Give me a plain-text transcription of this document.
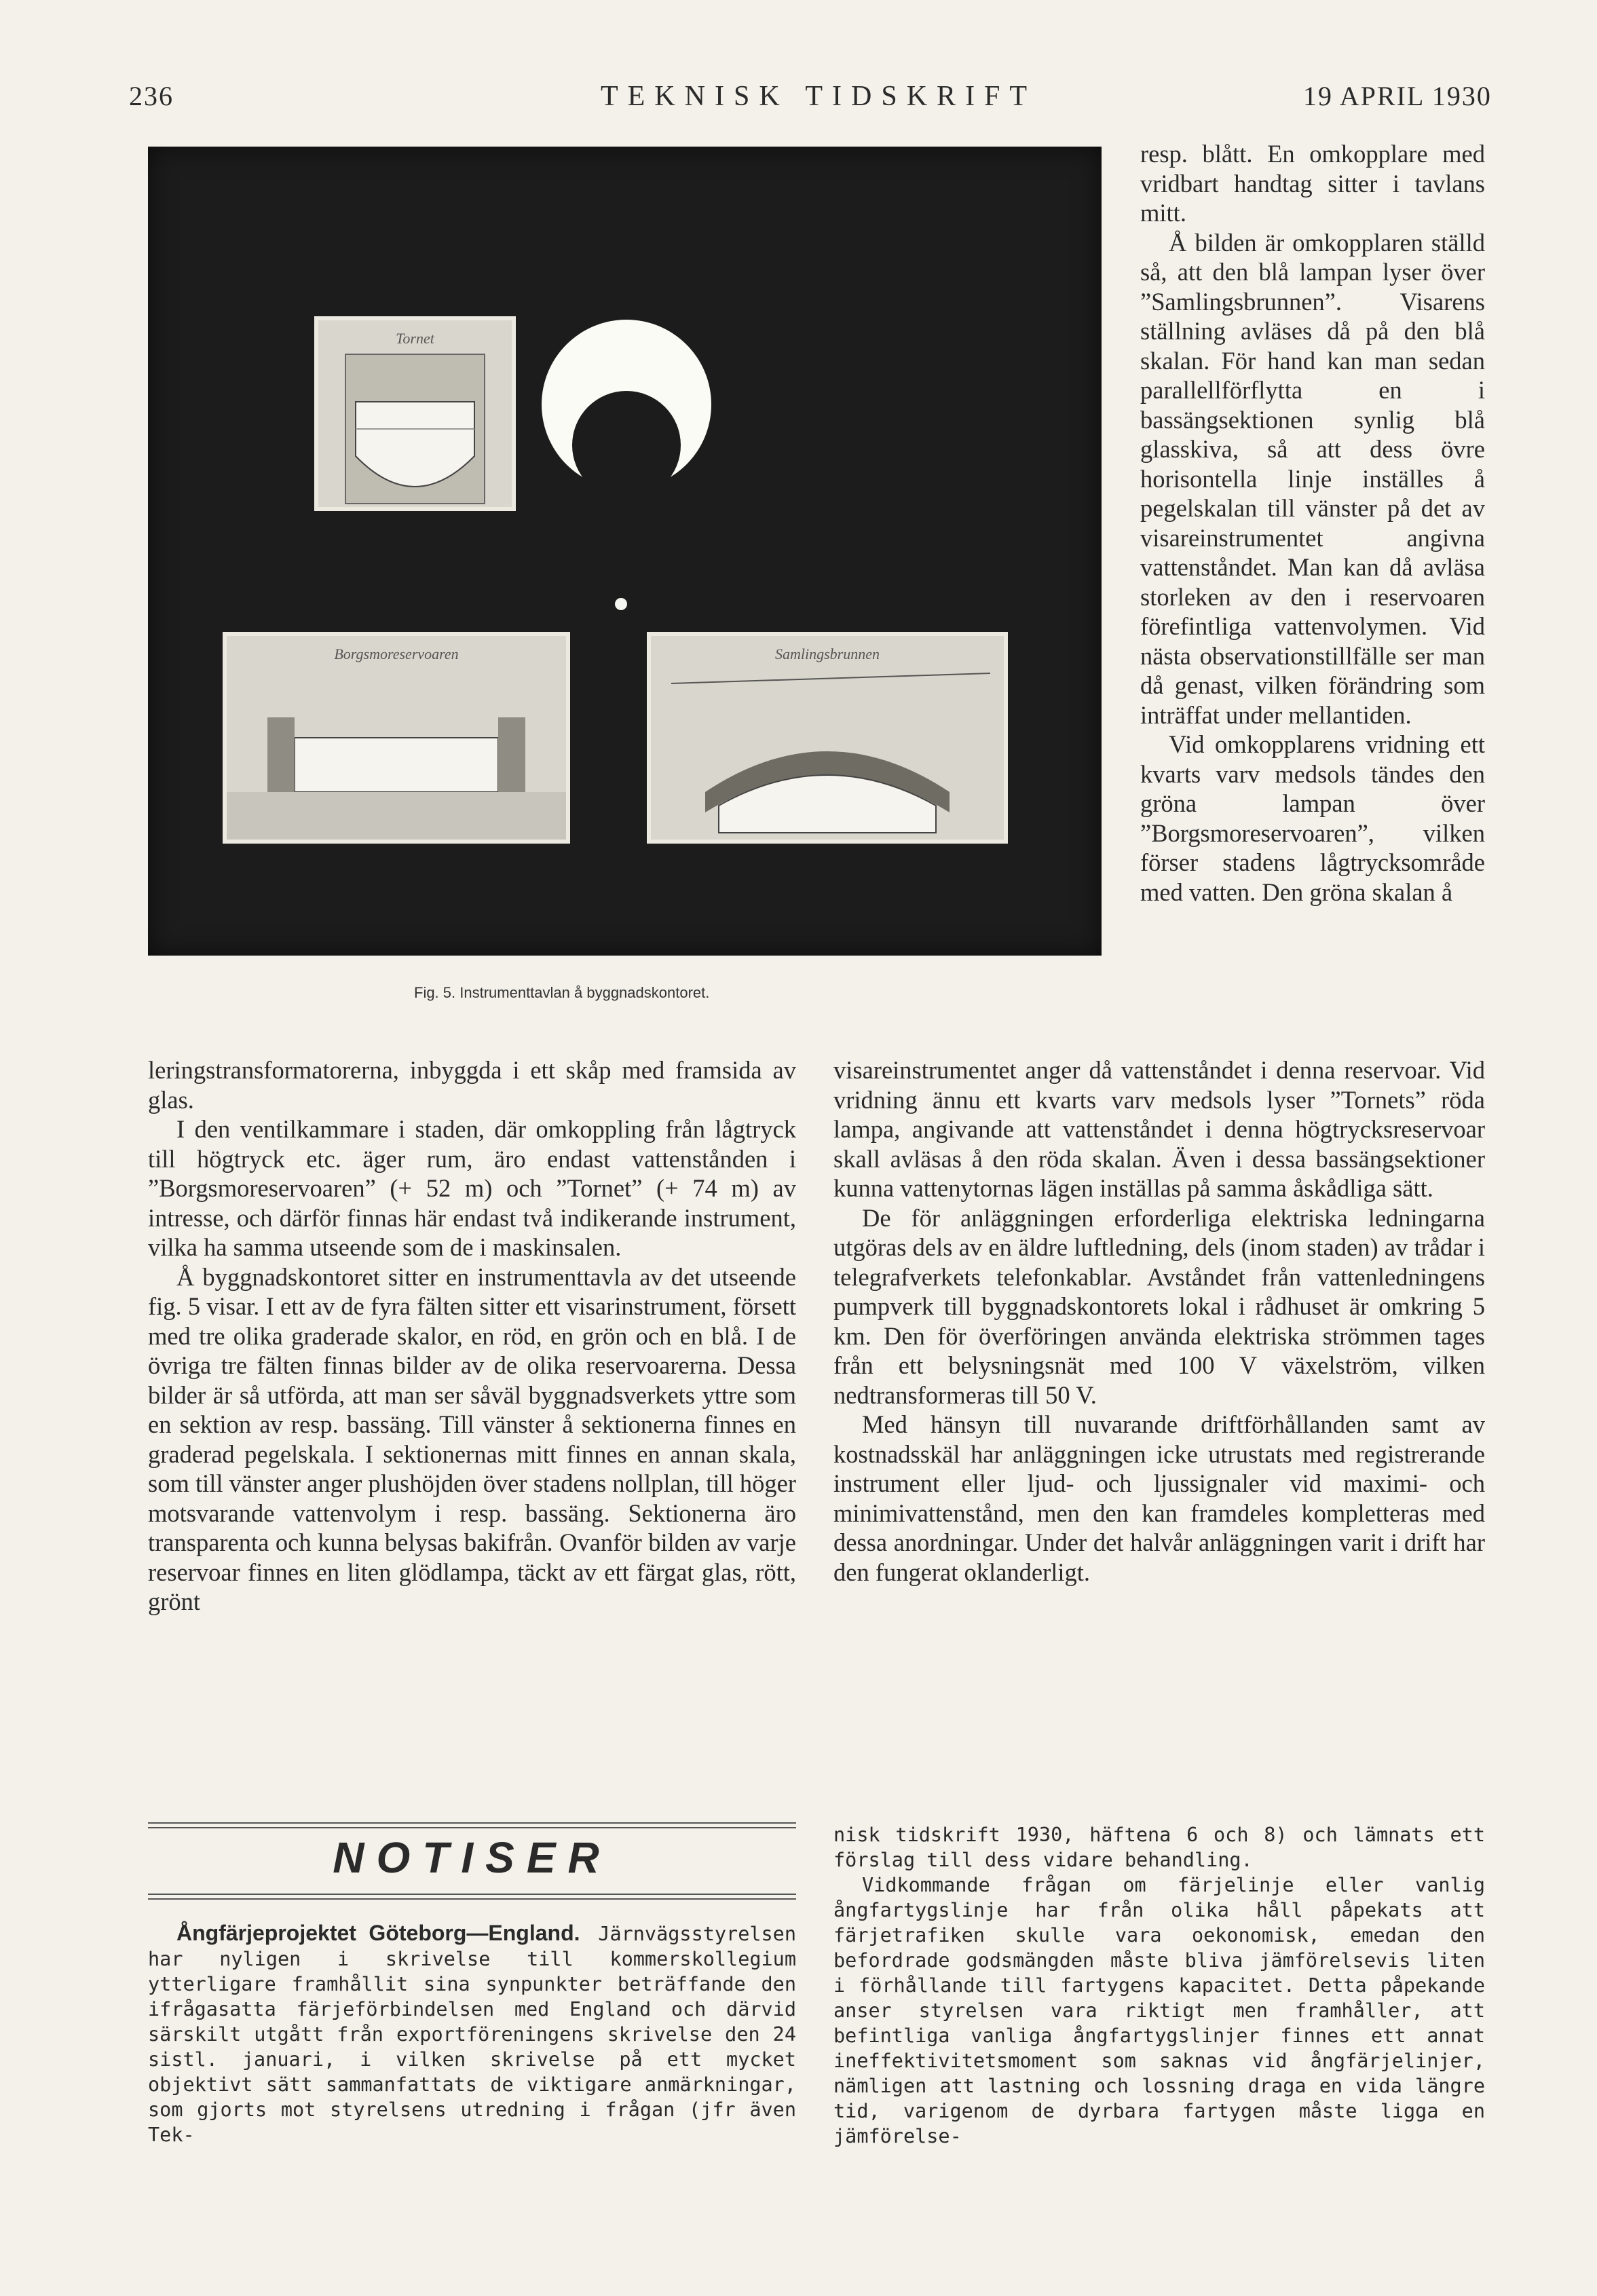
236	TEKNISK TIDSKRIFT	19 APRIL 1930
Tornet
Borgsmoreservoaren	Samlingsbrunnen
Fig. 5. Instrumenttavlan å byggnadskontoret.

resp. blått. En omkopplare med vridbart handtag sitter i tavlans mitt.

Å bilden är omkopplaren ställd så, att den blå lampan lyser över ”Samlingsbrunnen”. Visarens ställning avläses då på den blå skalan. För hand kan man sedan parallellförflytta en i bassängsektionen synlig blå glasskiva, så att dess övre horisontella linje inställes å pegelskalan till vänster på det av visareinstrumentet angivna vattenståndet. Man kan då avläsa storleken av den i reservoaren förefintliga vattenvolymen. Vid nästa observationstillfälle ser man då genast, vilken förändring som inträffat under mellantiden.

Vid omkopplarens vridning ett kvarts varv medsols tändes den gröna lampan över ”Borgsmoreservoaren”, vilken förser stadens lågtrycksområde med vatten. Den gröna skalan å

leringstransformatorerna, inbyggda i ett skåp med framsida av glas.

I den ventilkammare i staden, där omkoppling från lågtryck till högtryck etc. äger rum, äro endast vattenstånden i ”Borgsmoreservoaren” (+ 52 m) och ”Tornet” (+ 74 m) av intresse, och därför finnas här endast två indikerande instrument, vilka ha samma utseende som de i maskinsalen.

Å byggnadskontoret sitter en instrumenttavla av det utseende fig. 5 visar. I ett av de fyra fälten sitter ett visarinstrument, försett med tre olika graderade skalor, en röd, en grön och en blå. I de övriga tre fälten finnas bilder av de olika reservoarerna. Dessa bilder är så utförda, att man ser såväl byggnadsverkets yttre som en sektion av resp. bassäng. Till vänster å sektionerna finnes en graderad pegelskala. I sektionernas mitt finnes en annan skala, som till vänster anger plushöjden över stadens nollplan, till höger motsvarande vattenvolym i resp. bassäng. Sektionerna äro transparenta och kunna belysas bakifrån. Ovanför bilden av varje reservoar finnes en liten glödlampa, täckt av ett färgat glas, rött, grönt

visareinstrumentet anger då vattenståndet i denna reservoar. Vid vridning ännu ett kvarts varv medsols lyser ”Tornets” röda lampa, angivande att vattenståndet i denna högtrycksreservoar skall avläsas å den röda skalan. Även i dessa bassängsektioner kunna vattenytornas lägen inställas på samma åskådliga sätt.

De för anläggningen erforderliga elektriska ledningarna utgöras dels av en äldre luftledning, dels (inom staden) av trådar i telegrafverkets telefonkablar. Avståndet från vattenledningens pumpverk till byggnadskontorets lokal i rådhuset är omkring 5 km. Den för överföringen använda elektriska strömmen tages från ett belysningsnät med 100 V växelström, vilken nedtransformeras till 50 V.

Med hänsyn till nuvarande driftförhållanden samt av kostnadsskäl har anläggningen icke utrustats med registrerande instrument eller ljud- och ljussignaler vid maximi- och minimivattenstånd, men den kan framdeles kompletteras med dessa anordningar. Under det halvår anläggningen varit i drift har den fungerat oklanderligt.

NOTISER

Ångfärjeprojektet Göteborg—England. Järnvägsstyrelsen har nyligen i skrivelse till kommerskollegium ytterligare framhållit sina synpunkter beträffande den ifrågasatta färjeförbindelsen med England och därvid särskilt utgått från exportföreningens skrivelse den 24 sistl. januari, i vilken skrivelse på ett mycket objektivt sätt sammanfattats de viktigare anmärkningar, som gjorts mot styrelsens utredning i frågan (jfr även Tek-

nisk tidskrift 1930, häftena 6 och 8) och lämnats ett förslag till dess vidare behandling.

Vidkommande frågan om färjelinje eller vanlig ångfartygslinje har från olika håll påpekats att färjetrafiken skulle vara oekonomisk, emedan den befordrade godsmängden måste bliva jämförelsevis liten i förhållande till fartygens kapacitet. Detta påpekande anser styrelsen vara riktigt men framhåller, att befintliga vanliga ångfartygslinjer finnes ett annat ineffektivitetsmoment som saknas vid ångfärjelinjer, nämligen att lastning och lossning draga en vida längre tid, varigenom de dyrbara fartygen måste ligga en jämförelse-
